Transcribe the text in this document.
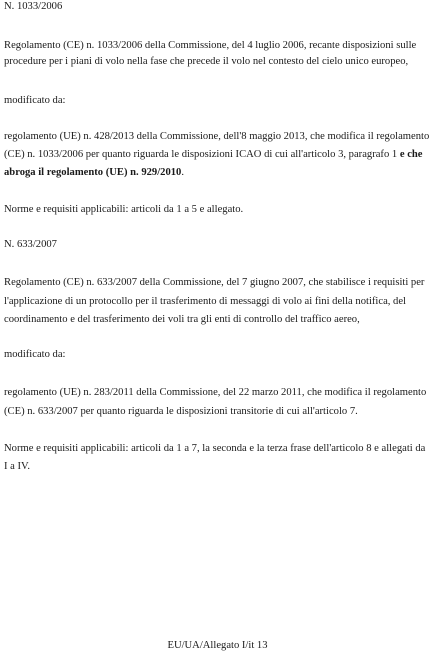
N. 1033/2006

Regolamento (CE) n. 1033/2006 della Commissione, del 4 luglio 2006, recante disposizioni sulle

procedure per i piani di volo nella fase che precede il volo nel contesto del cielo unico europeo,

modificato da:

regolamento (UE) n. 428/2013 della Commissione, dell'8 maggio 2013, che modifica il regolamento

(CE) n. 1033/2006 per quanto riguarda le disposizioni ICAO di cui all'articolo 3, paragrafo 1 e che

abroga il regolamento (UE) n. 929/2010.

Norme e requisiti applicabili: articoli da 1 a 5 e allegato.

N. 633/2007

Regolamento (CE) n. 633/2007 della Commissione, del 7 giugno 2007, che stabilisce i requisiti per

l'applicazione di un protocollo per il trasferimento di messaggi di volo ai fini della notifica, del

coordinamento e del trasferimento dei voli tra gli enti di controllo del traffico aereo,

modificato da:

regolamento (UE) n. 283/2011 della Commissione, del 22 marzo 2011, che modifica il regolamento

(CE) n. 633/2007 per quanto riguarda le disposizioni transitorie di cui all'articolo 7.

Norme e requisiti applicabili: articoli da 1 a 7, la seconda e la terza frase dell'articolo 8 e allegati da

I a IV.

EU/UA/Allegato I/it 13
